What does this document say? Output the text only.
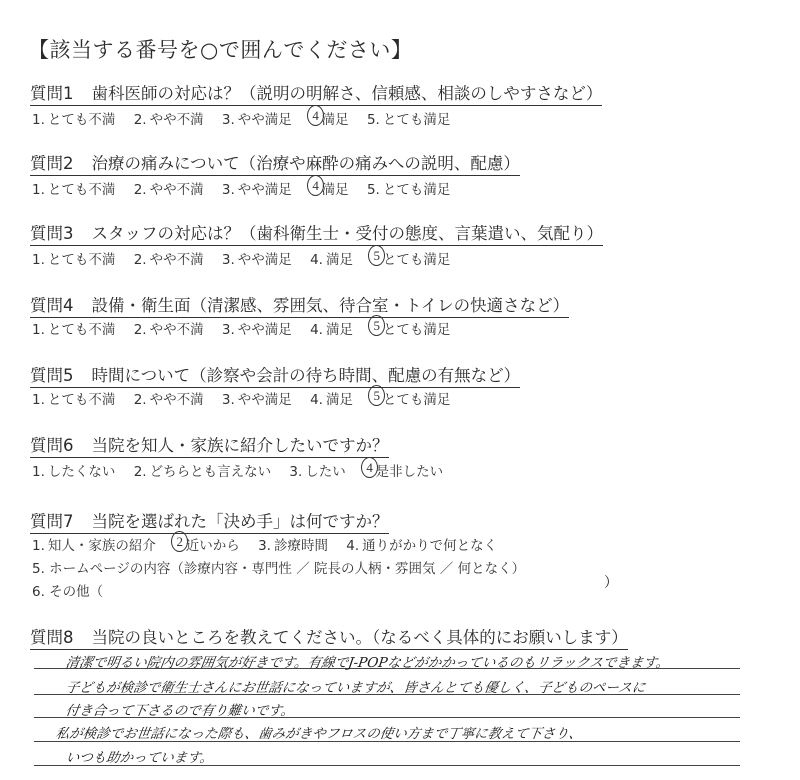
【該当する番号を○で囲んでください】
質問1 歯科医師の対応は？（説明の明解さ、信頼感、相談のしやすさなど）
1. とても不満 2. やや不満 3. やや満足	4 満足 5. とても満足
質問2 治療の痛みについて（治療や麻酔の痛みへの説明、配慮）
1. とても不満 2. やや不満 3. やや満足	4 満足 5. とても満足
質問3 スタッフの対応は？（歯科衛生士・受付の態度、言葉遣い、気配り）
1. とても不満 2. やや不満 3. やや満足 4. 満足	5 とても満足
質問4 設備・衛生面（清潔感、雰囲気、待合室・トイレの快適さなど）
1. とても不満 2. やや不満 3. やや満足 4. 満足	5 とても満足
質問5 時間について（診察や会計の待ち時間、配慮の有無など）
1. とても不満 2. やや不満 3. やや満足 4. 満足	5 とても満足
質問6 当院を知人・家族に紹介したいですか？
1. したくない 2. どちらとも言えない 3. したい	4 是非したい
質問7 当院を選ばれた「決め手」は何ですか？
1. 知人・家族の紹介	2 近いから 3. 診療時間 4. 通りがかりで何となく
5. ホームページの内容（診療内容・専門性 ／ 院長の人柄・雰囲気 ／ 何となく）
6. その他（
）
質問8 当院の良いところを教えてください。（なるべく具体的にお願いします）
清潔で明るい院内の雰囲気が好きです。有線でJ-POPなどがかかっているのもリラックスできます。
子どもが検診で衛生士さんにお世話になっていますが、皆さんとても優しく、子どものペースに
付き合って下さるので有り難いです。
私が検診でお世話になった際も、歯みがきやフロスの使い方まで丁寧に教えて下さり、
いつも助かっています。
